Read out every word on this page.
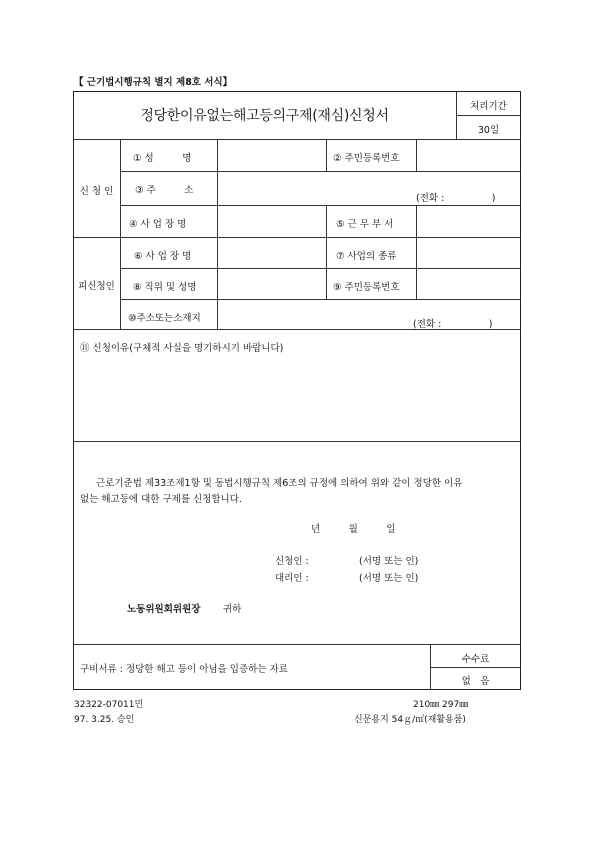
【 근기법시행규칙 별지 제8호 서식】
정당한이유없는해고등의구제(재심)신청서
처리기간
30일
신 청 인
① 성　　　명	② 주민등록번호
③ 주　　　소
(전화 :　　　　　)
④ 사 업 장 명	⑤ 근 무 부 서
피신청인
⑥ 사 업 장 명	⑦ 사업의 종류
⑧ 직위 및 성명	⑨ 주민등록번호
⑩주소또는소재지
(전화 :　　　　　)
⑪ 신청이유(구체적 사실을 명기하시기 바랍니다)
근로기준법 제33조제1항 및 동법시행규칙 제6조의 규정에 의하여 위와 같이 정당한 이유
없는 해고등에 대한 구제를 신청합니다.
년　　　월　　　일
신청인 :	(서명 또는 인)
대리인 :	(서명 또는 인)
노동위원회위원장 귀하
구비서류 : 정당한 해고 등이 아님을 입증하는 자료
수수료
없　음
32322-07011민
97. 3.25. 승인
210㎜ 297㎜
신문용지 54ｇ/㎡(재활용품)
